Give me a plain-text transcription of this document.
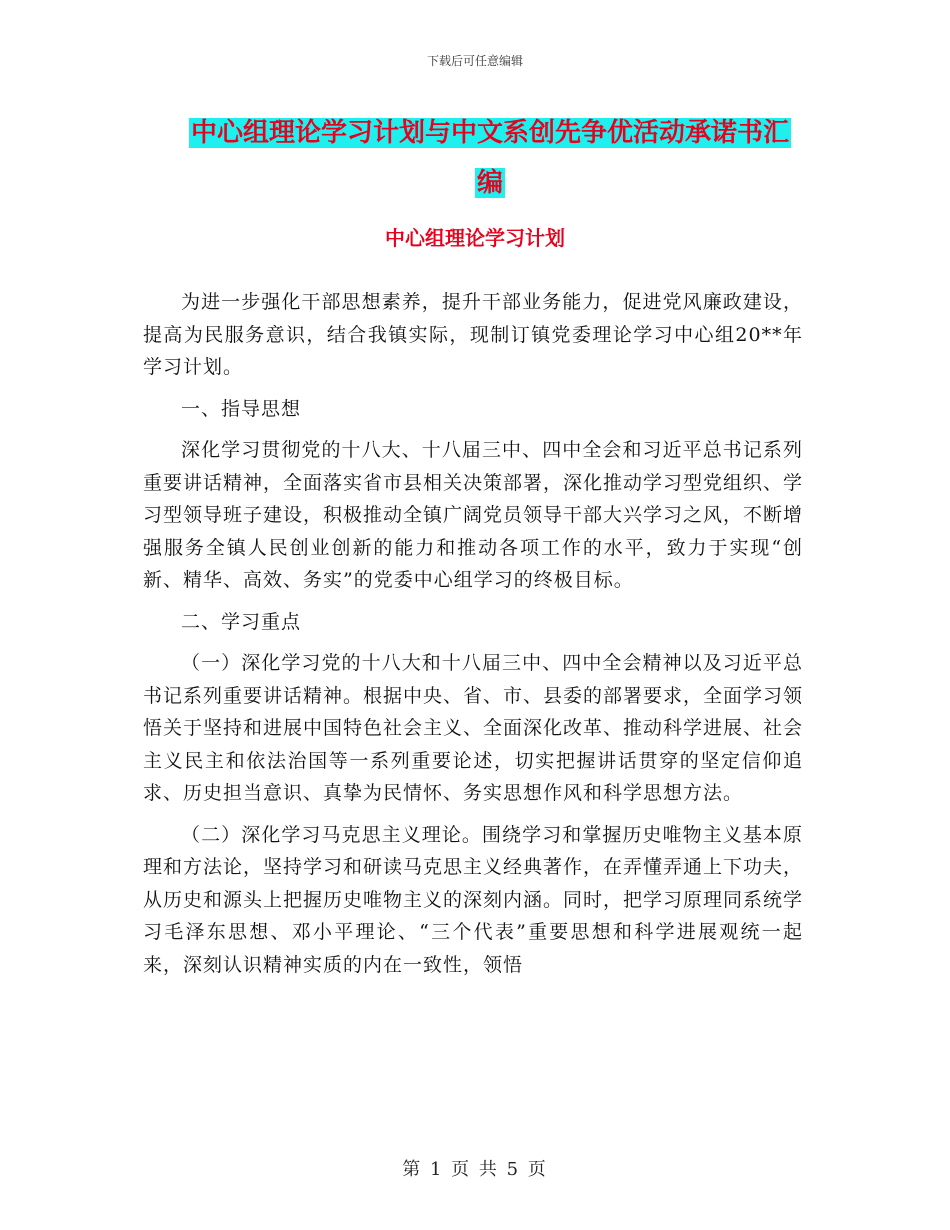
下载后可任意编辑
中心组理论学习计划与中文系创先争优活动承诺书汇
编
中心组理论学习计划

为进一步强化干部思想素养，提升干部业务能力，促进党风廉政建设，提高为民服务意识，结合我镇实际，现制订镇党委理论学习中心组20**年学习计划。

一、指导思想

深化学习贯彻党的十八大、十八届三中、四中全会和习近平总书记系列重要讲话精神，全面落实省市县相关决策部署，深化推动学习型党组织、学习型领导班子建设，积极推动全镇广阔党员领导干部大兴学习之风，不断增强服务全镇人民创业创新的能力和推动各项工作的水平，致力于实现“创新、精华、高效、务实”的党委中心组学习的终极目标。

二、学习重点

（一）深化学习党的十八大和十八届三中、四中全会精神以及习近平总书记系列重要讲话精神。根据中央、省、市、县委的部署要求，全面学习领悟关于坚持和进展中国特色社会主义、全面深化改革、推动科学进展、社会主义民主和依法治国等一系列重要论述，切实把握讲话贯穿的坚定信仰追求、历史担当意识、真挚为民情怀、务实思想作风和科学思想方法。

（二）深化学习马克思主义理论。围绕学习和掌握历史唯物主义基本原理和方法论，坚持学习和研读马克思主义经典著作，在弄懂弄通上下功夫，从历史和源头上把握历史唯物主义的深刻内涵。同时，把学习原理同系统学习毛泽东思想、邓小平理论、“三个代表”重要思想和科学进展观统一起来，深刻认识精神实质的内在一致性，领悟

第 1 页 共 5 页
